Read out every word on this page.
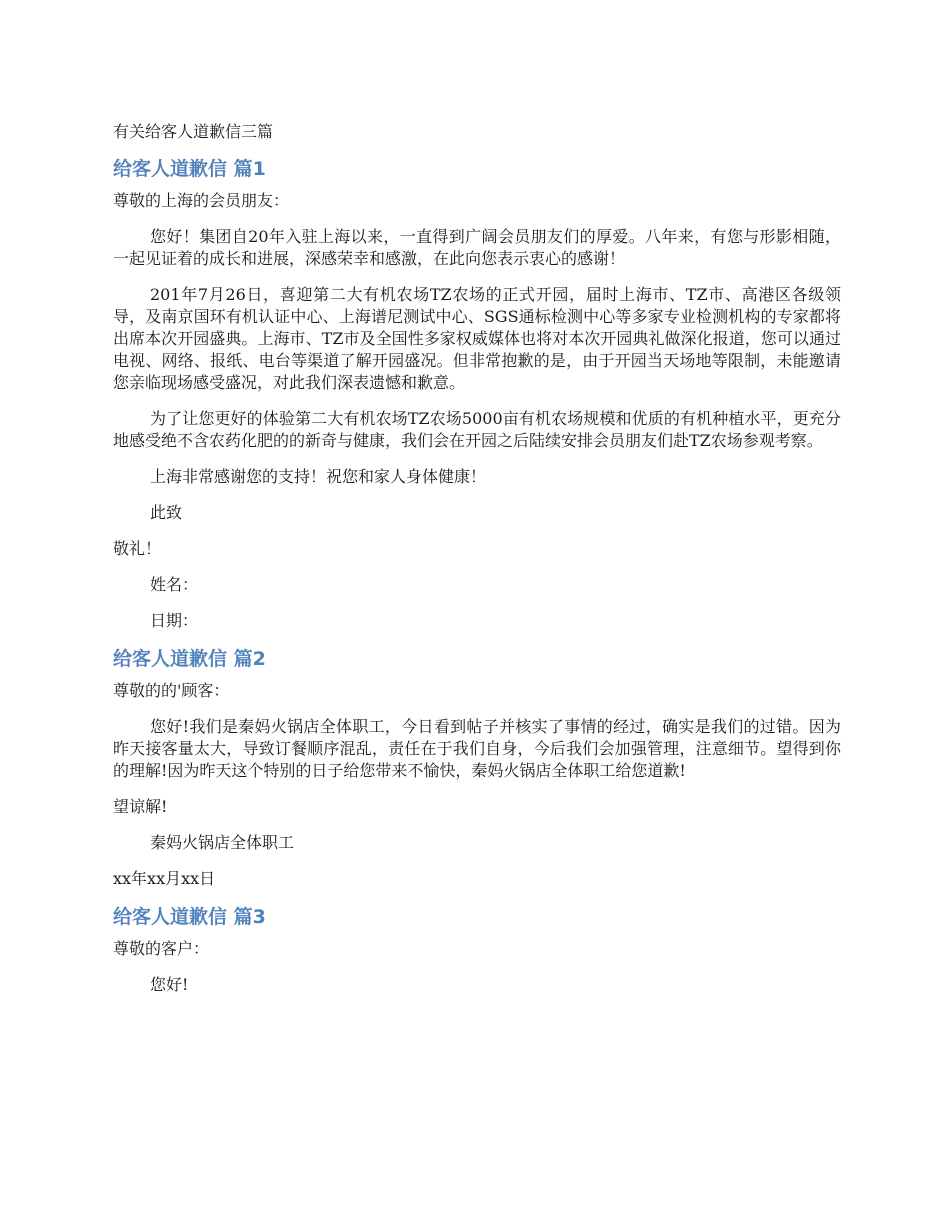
有关给客人道歉信三篇
给客人道歉信 篇1

尊敬的上海的会员朋友：

您好！集团自20年入驻上海以来，一直得到广阔会员朋友们的厚爱。八年来，有您与形影相随，一起见证着的成长和进展，深感荣幸和感激，在此向您表示衷心的感谢！

201年7月26日，喜迎第二大有机农场TZ农场的正式开园，届时上海市、TZ市、高港区各级领导，及南京国环有机认证中心、上海谱尼测试中心、SGS通标检测中心等多家专业检测机构的专家都将出席本次开园盛典。上海市、TZ市及全国性多家权威媒体也将对本次开园典礼做深化报道，您可以通过电视、网络、报纸、电台等渠道了解开园盛况。但非常抱歉的是，由于开园当天场地等限制，未能邀请您亲临现场感受盛况，对此我们深表遗憾和歉意。

为了让您更好的体验第二大有机农场TZ农场5000亩有机农场规模和优质的有机种植水平，更充分地感受绝不含农药化肥的的新奇与健康，我们会在开园之后陆续安排会员朋友们赴TZ农场参观考察。

上海非常感谢您的支持！祝您和家人身体健康！

此致

敬礼！

姓名：

日期：

给客人道歉信 篇2

尊敬的的'顾客：

您好!我们是秦妈火锅店全体职工，今日看到帖子并核实了事情的经过，确实是我们的过错。因为昨天接客量太大，导致订餐顺序混乱，责任在于我们自身，今后我们会加强管理，注意细节。望得到你的理解!因为昨天这个特别的日子给您带来不愉快，秦妈火锅店全体职工给您道歉!

望谅解!

秦妈火锅店全体职工

xx年xx月xx日

给客人道歉信 篇3

尊敬的客户：

您好!
